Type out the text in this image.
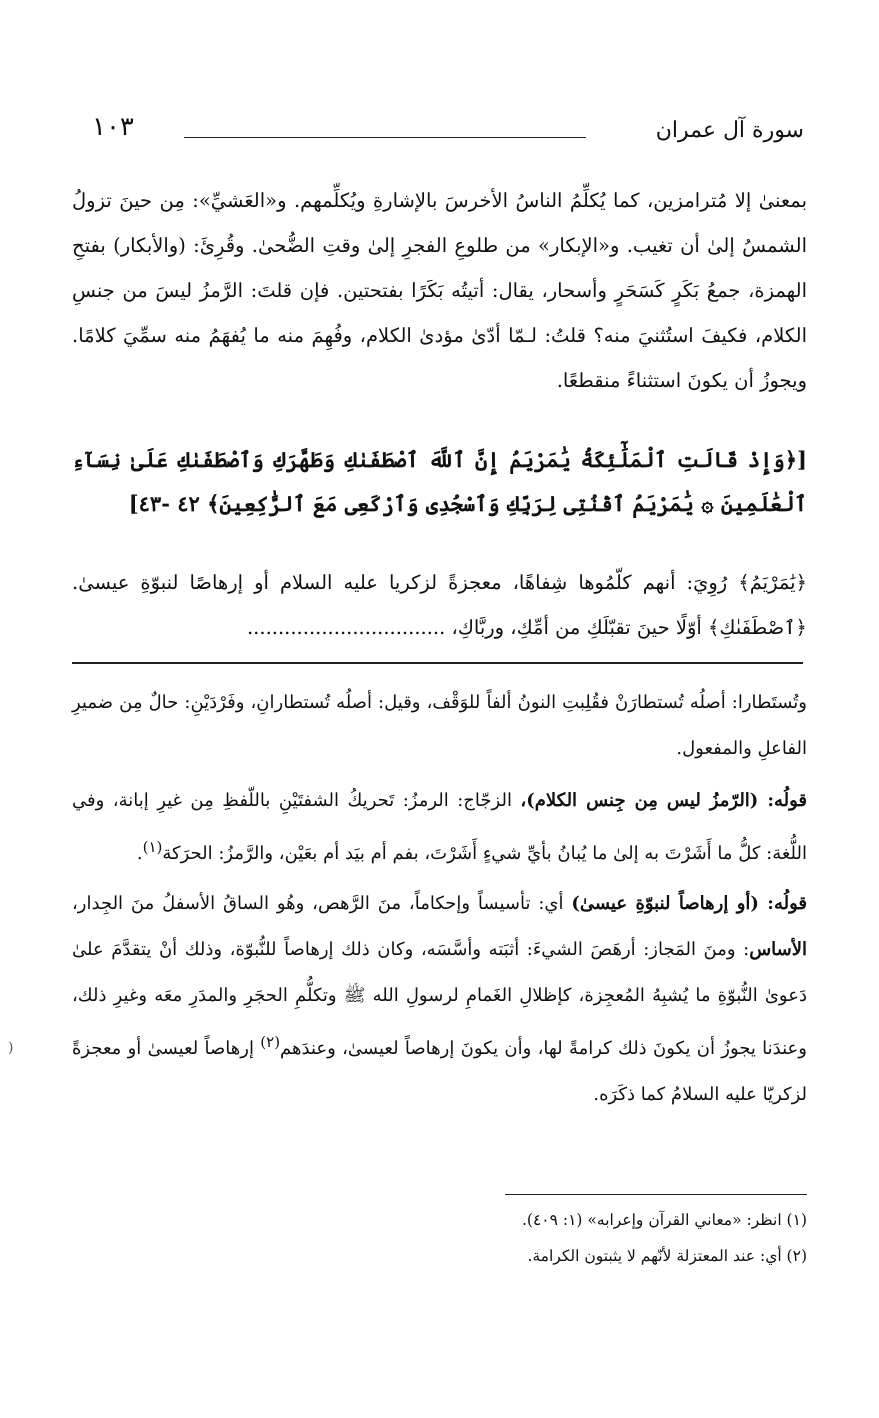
سورة آل عمران
١٠٣

بمعنىٰ إلا مُترامزين، كما يُكلِّمُ الناسُ الأخرسَ بالإشارةِ ويُكلِّمهم. و«العَشيِّ»: مِن حينَ تزولُ الشمسُ إلىٰ أن تغيب. و«الإبكار» من طلوعِ الفجرِ إلىٰ وقتِ الضُّحىٰ. وقُرِئَ: (والأبكار) بفتحِ الهمزة، جمعُ بَكَرٍ كَسَحَرٍ وأسحار، يقال: أتيتُه بَكَرًا بفتحتين. فإن قلتَ: الرَّمزُ ليسَ من جنسِ الكلام، فكيفَ استُثنيَ منه؟ قلتُ: لـمّا أدّىٰ مؤدىٰ الكلام، وفُهِمَ منه ما يُفهَمُ منه سمِّيَ كلامًا. ويجوزُ أن يكونَ استثناءً منقطعًا.

[﴿وَإِذْ قَالَتِ ٱلْمَلَٰٓئِكَةُ يَٰمَرْيَمُ إِنَّ ٱللَّهَ ٱصْطَفَىٰكِ وَطَهَّرَكِ وَٱصْطَفَىٰكِ عَلَىٰ نِسَآءِ ٱلْعَٰلَمِينَ ۞ يَٰمَرْيَمُ ٱقْنُتِى لِرَبِّكِ وَٱسْجُدِى وَٱرْكَعِى مَعَ ٱلرَّٰكِعِينَ﴾ ٤٢ -٤٣]

﴿يَٰمَرْيَمُ﴾ رُوِيَ: أنهم كلّمُوها شِفاهًا، معجزةً لزكريا عليه السلام أو إرهاصًا لنبوّةِ عيسىٰ. ﴿ٱصْطَفَىٰكِ﴾ أوّلًا حينَ تقبّلَكِ من أمِّكِ، وربَّاكِ، ................................

وتُستَطارا: أصلُه تُستطارَنْ فقُلِبتِ النونُ ألفاً للوَقْف، وقيل: أصلُه تُستطارانِ، وفَرْدَيْنِ: حالٌ مِن ضميرِ الفاعلِ والمفعول.

قولُه: (الرّمزُ ليس مِن جِنس الكلام)، الزجّاج: الرمزُ: تَحريكُ الشفتَيْنِ باللّفظِ مِن غيرِ إبانة، وفي اللُّغة: كلُّ ما أَشَرْتَ به إلىٰ ما يُبانُ بأيِّ شيءٍ أَشَرْتَ، بفم أم بيَد أم بعَيْن، والرَّمزُ: الحرَكة$^{(١)}$.

قولُه: (أو إرهاصاً لنبوّةِ عيسىٰ) أي: تأسيساً وإحكاماً، منَ الرَّهص، وهُو الساقُ الأسفلُ منَ الجِدار، الأساس: ومنَ المَجاز: أرهَصَ الشيءَ: أثبَته وأسَّسَه، وكان ذلك إرهاصاً للنُّبوّة، وذلك أنْ يتقدَّمَ علىٰ دَعوىٰ النُّبوّةِ ما يُشبِهُ المُعجِزة، كإظلالِ الغَمامِ لرسولِ الله ﷺ وتكلُّمِ الحجَرِ والمدَرِ معَه وغيرِ ذلك، وعندَنا يجوزُ أن يكونَ ذلك كرامةً لها، وأن يكونَ إرهاصاً لعيسىٰ، وعندَهم$^{(٢)}$ إرهاصاً لعيسىٰ أو معجزةً لزكريّا عليه السلامُ كما ذكَرَه.

(١) انظر: «معاني القرآن وإعرابه» (١: ٤٠٩).

(٢) أي: عند المعتزلة لأنّهم لا يثبتون الكرامة.

(
